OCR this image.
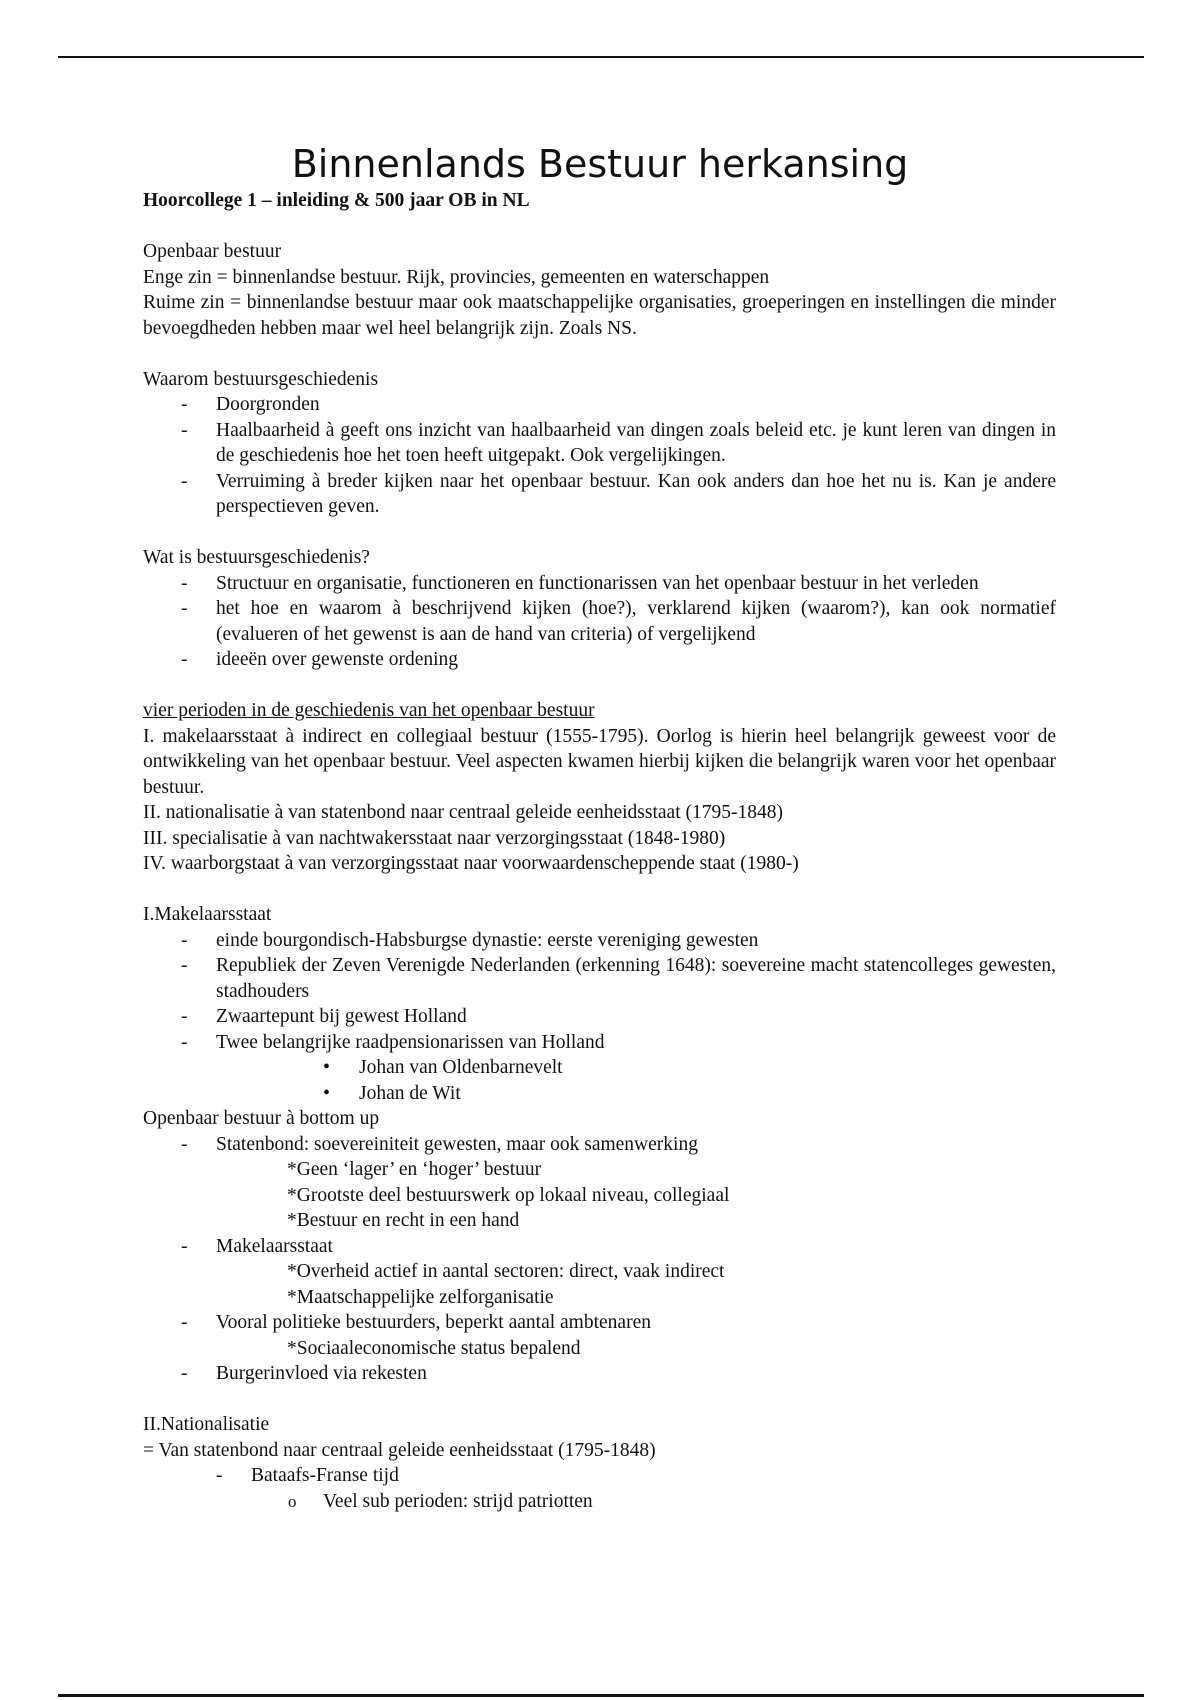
Binnenlands Bestuur herkansing

Hoorcollege 1 – inleiding & 500 jaar OB in NL

Openbaar bestuur

Enge zin = binnenlandse bestuur. Rijk, provincies, gemeenten en waterschappen

Ruime zin = binnenlandse bestuur maar ook maatschappelijke organisaties, groeperingen en instellingen die minder bevoegdheden hebben maar wel heel belangrijk zijn. Zoals NS.

Waarom bestuursgeschiedenis

- Doorgronden
- Haalbaarheid à geeft ons inzicht van haalbaarheid van dingen zoals beleid etc. je kunt leren van dingen in de geschiedenis hoe het toen heeft uitgepakt. Ook vergelijkingen.
- Verruiming à breder kijken naar het openbaar bestuur. Kan ook anders dan hoe het nu is. Kan je andere perspectieven geven.

Wat is bestuursgeschiedenis?

- Structuur en organisatie, functioneren en functionarissen van het openbaar bestuur in het verleden
- het hoe en waarom à beschrijvend kijken (hoe?), verklarend kijken (waarom?), kan ook normatief (evalueren of het gewenst is aan de hand van criteria) of vergelijkend
- ideeën over gewenste ordening

vier perioden in de geschiedenis van het openbaar bestuur

I. makelaarsstaat à indirect en collegiaal bestuur (1555-1795). Oorlog is hierin heel belangrijk geweest voor de ontwikkeling van het openbaar bestuur. Veel aspecten kwamen hierbij kijken die belangrijk waren voor het openbaar bestuur.

II. nationalisatie à van statenbond naar centraal geleide eenheidsstaat (1795-1848)

III. specialisatie à van nachtwakersstaat naar verzorgingsstaat (1848-1980)

IV. waarborgstaat à van verzorgingsstaat naar voorwaardenscheppende staat (1980-)

I.Makelaarsstaat

- einde bourgondisch-Habsburgse dynastie: eerste vereniging gewesten
- Republiek der Zeven Verenigde Nederlanden (erkenning 1648): soevereine macht statencolleges gewesten, stadhouders
- Zwaartepunt bij gewest Holland
- Twee belangrijke raadpensionarissen van Holland
• Johan van Oldenbarnevelt
• Johan de Wit

Openbaar bestuur à bottom up

- Statenbond: soevereiniteit gewesten, maar ook samenwerking

*Geen ‘lager’ en ‘hoger’ bestuur

*Grootste deel bestuurswerk op lokaal niveau, collegiaal

*Bestuur en recht in een hand

- Makelaarsstaat

*Overheid actief in aantal sectoren: direct, vaak indirect

*Maatschappelijke zelforganisatie

- Vooral politieke bestuurders, beperkt aantal ambtenaren

*Sociaaleconomische status bepalend

- Burgerinvloed via rekesten

II.Nationalisatie

= Van statenbond naar centraal geleide eenheidsstaat (1795-1848)

- Bataafs-Franse tijd
o Veel sub perioden: strijd patriotten
